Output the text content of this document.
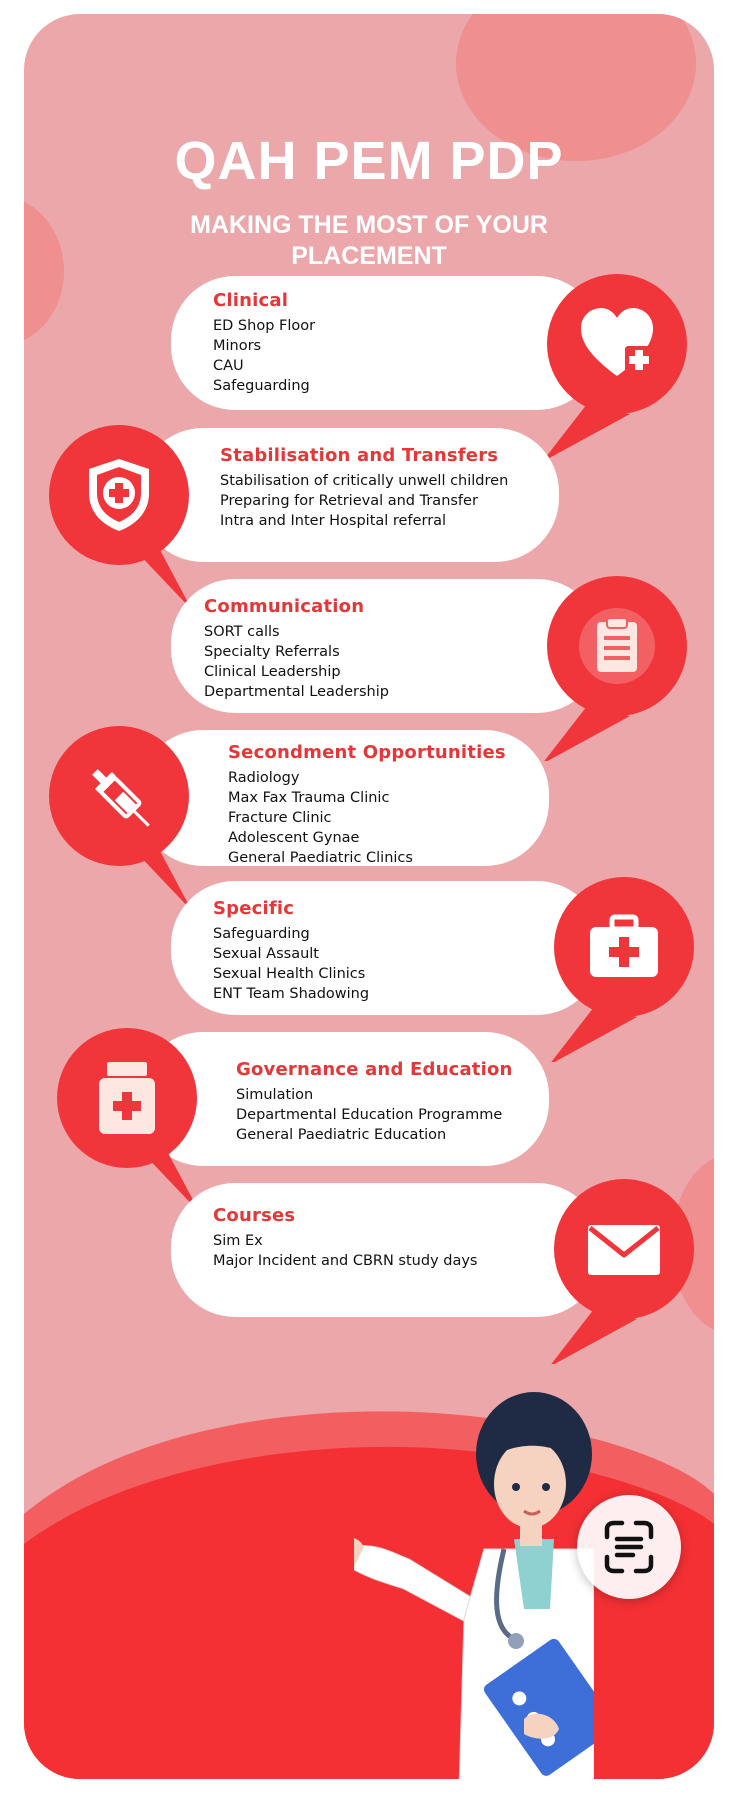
QAH PEM PDP
MAKING THE MOST OF YOUR PLACEMENT
Clinical
ED Shop Floor
Minors
CAU
Safeguarding
Stabilisation and Transfers
Stabilisation of critically unwell children
Preparing for Retrieval and Transfer
Intra and Inter Hospital referral
Communication
SORT calls
Specialty Referrals
Clinical Leadership
Departmental Leadership
Secondment Opportunities
Radiology
Max Fax Trauma Clinic
Fracture Clinic
Adolescent Gynae
General Paediatric Clinics
Specific
Safeguarding
Sexual Assault
Sexual Health Clinics
ENT Team Shadowing
Governance and Education
Simulation
Departmental Education Programme
General Paediatric Education
Courses
Sim Ex
Major Incident and CBRN study days
